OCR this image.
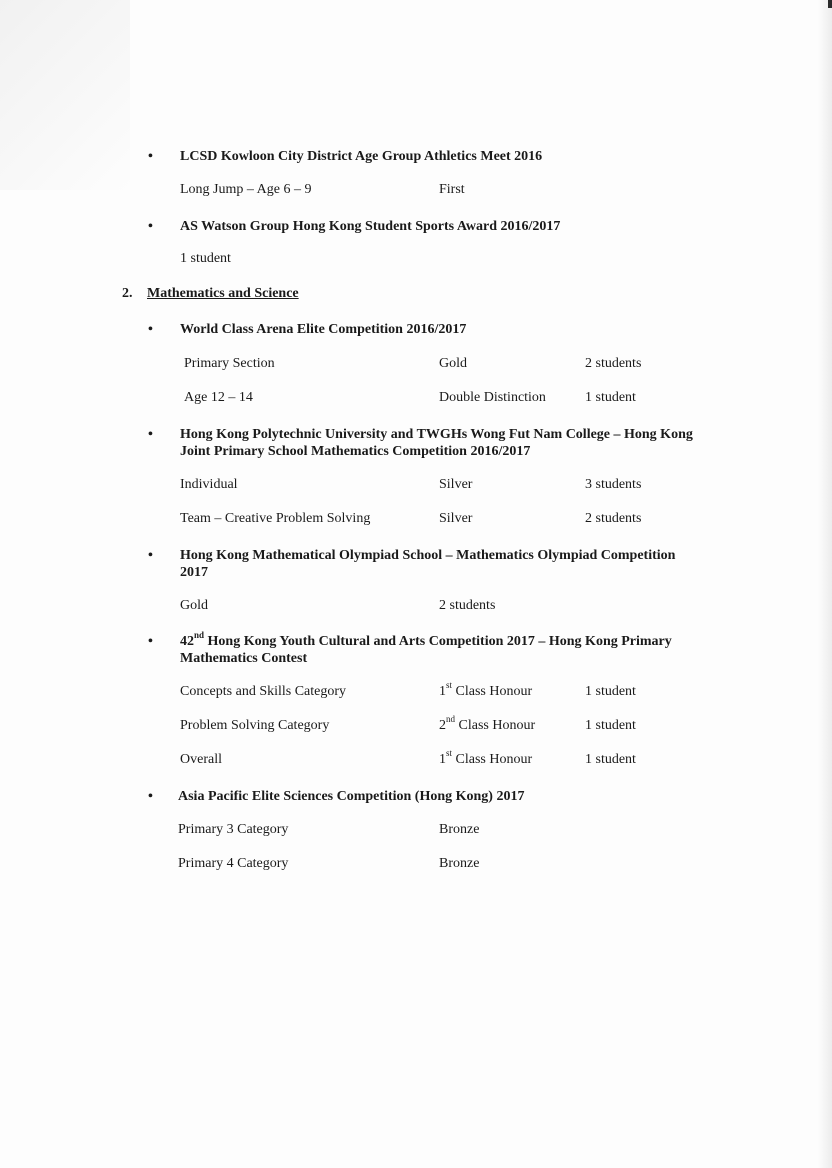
•	LCSD Kowloon City District Age Group Athletics Meet 2016
Long Jump – Age 6 – 9	First
•	AS Watson Group Hong Kong Student Sports Award 2016/2017
1 student
2. Mathematics and Science
•	World Class Arena Elite Competition 2016/2017
Primary Section	Gold	2 students
Age 12 – 14	Double Distinction	1 student
•	Hong Kong Polytechnic University and TWGHs Wong Fut Nam College – Hong Kong
Joint Primary School Mathematics Competition 2016/2017
Individual	Silver	3 students
Team – Creative Problem Solving	Silver	2 students
•	Hong Kong Mathematical Olympiad School – Mathematics Olympiad Competition
2017
Gold	2 students
•	42nd Hong Kong Youth Cultural and Arts Competition 2017 – Hong Kong Primary
Mathematics Contest
Concepts and Skills Category	1st Class Honour	1 student
Problem Solving Category	2nd Class Honour	1 student
Overall	1st Class Honour	1 student
•	Asia Pacific Elite Sciences Competition (Hong Kong) 2017
Primary 3 Category	Bronze
Primary 4 Category	Bronze
